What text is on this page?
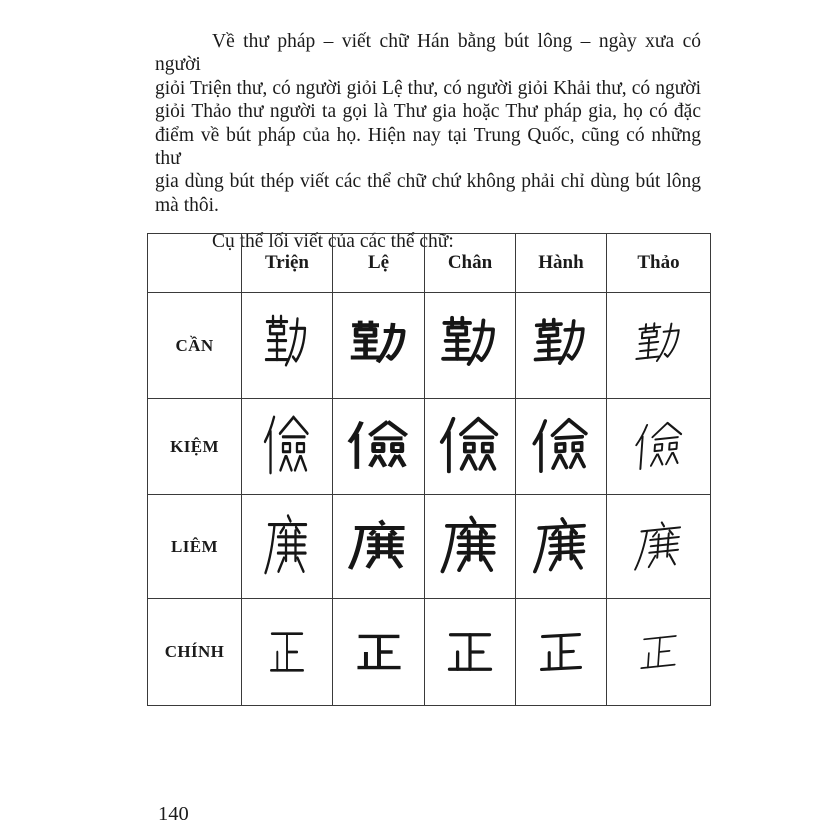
Về thư pháp – viết chữ Hán bằng bút lông – ngày xưa có người
giỏi Triện thư, có người giỏi Lệ thư, có người giỏi Khải thư, có người
giỏi Thảo thư người ta gọi là Thư gia hoặc Thư pháp gia, họ có đặc
điểm về bút pháp của họ. Hiện nay tại Trung Quốc, cũng có những thư
gia dùng bút thép viết các thể chữ chứ không phải chỉ dùng bút lông
mà thôi.
Cụ thể lối viết của các thể chữ:
	Triện	Lệ	Chân	Hành	Thảo
CẦN	

KIỆM	

LIÊM	

CHÍNH	

140
